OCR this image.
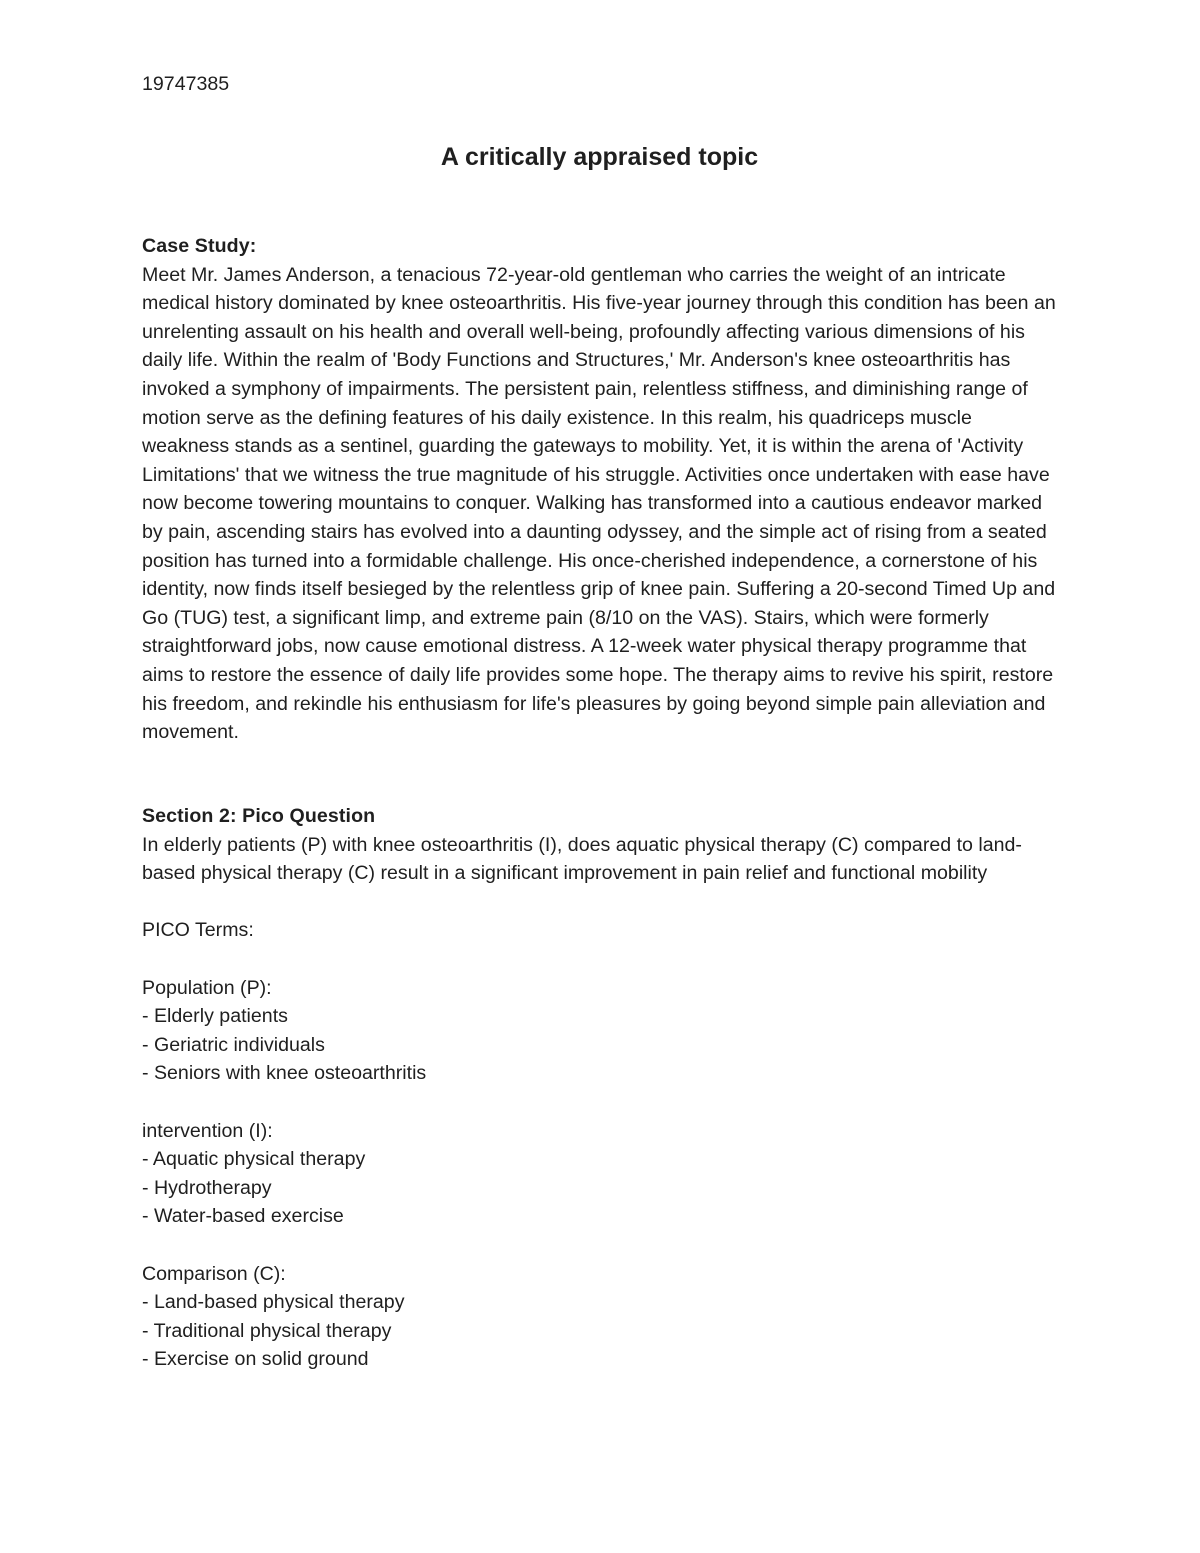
19747385

A critically appraised topic

Case Study:

Meet Mr. James Anderson, a tenacious 72-year-old gentleman who carries the weight of an intricate medical history dominated by knee osteoarthritis. His five-year journey through this condition has been an unrelenting assault on his health and overall well-being, profoundly affecting various dimensions of his daily life. Within the realm of 'Body Functions and Structures,' Mr. Anderson's knee osteoarthritis has invoked a symphony of impairments. The persistent pain, relentless stiffness, and diminishing range of motion serve as the defining features of his daily existence. In this realm, his quadriceps muscle weakness stands as a sentinel, guarding the gateways to mobility. Yet, it is within the arena of 'Activity Limitations' that we witness the true magnitude of his struggle. Activities once undertaken with ease have now become towering mountains to conquer. Walking has transformed into a cautious endeavor marked by pain, ascending stairs has evolved into a daunting odyssey, and the simple act of rising from a seated position has turned into a formidable challenge. His once-cherished independence, a cornerstone of his identity, now finds itself besieged by the relentless grip of knee pain. Suffering a 20-second Timed Up and Go (TUG) test, a significant limp, and extreme pain (8/10 on the VAS). Stairs, which were formerly straightforward jobs, now cause emotional distress. A 12-week water physical therapy programme that aims to restore the essence of daily life provides some hope. The therapy aims to revive his spirit, restore his freedom, and rekindle his enthusiasm for life's pleasures by going beyond simple pain alleviation and movement.

Section 2: Pico Question

In elderly patients (P) with knee osteoarthritis (I), does aquatic physical therapy (C) compared to land-based physical therapy (C) result in a significant improvement in pain relief and functional mobility

PICO Terms:
Population (P):
- Elderly patients
- Geriatric individuals
- Seniors with knee osteoarthritis
intervention (I):
- Aquatic physical therapy
- Hydrotherapy
- Water-based exercise
Comparison (C):
- Land-based physical therapy
- Traditional physical therapy
- Exercise on solid ground
